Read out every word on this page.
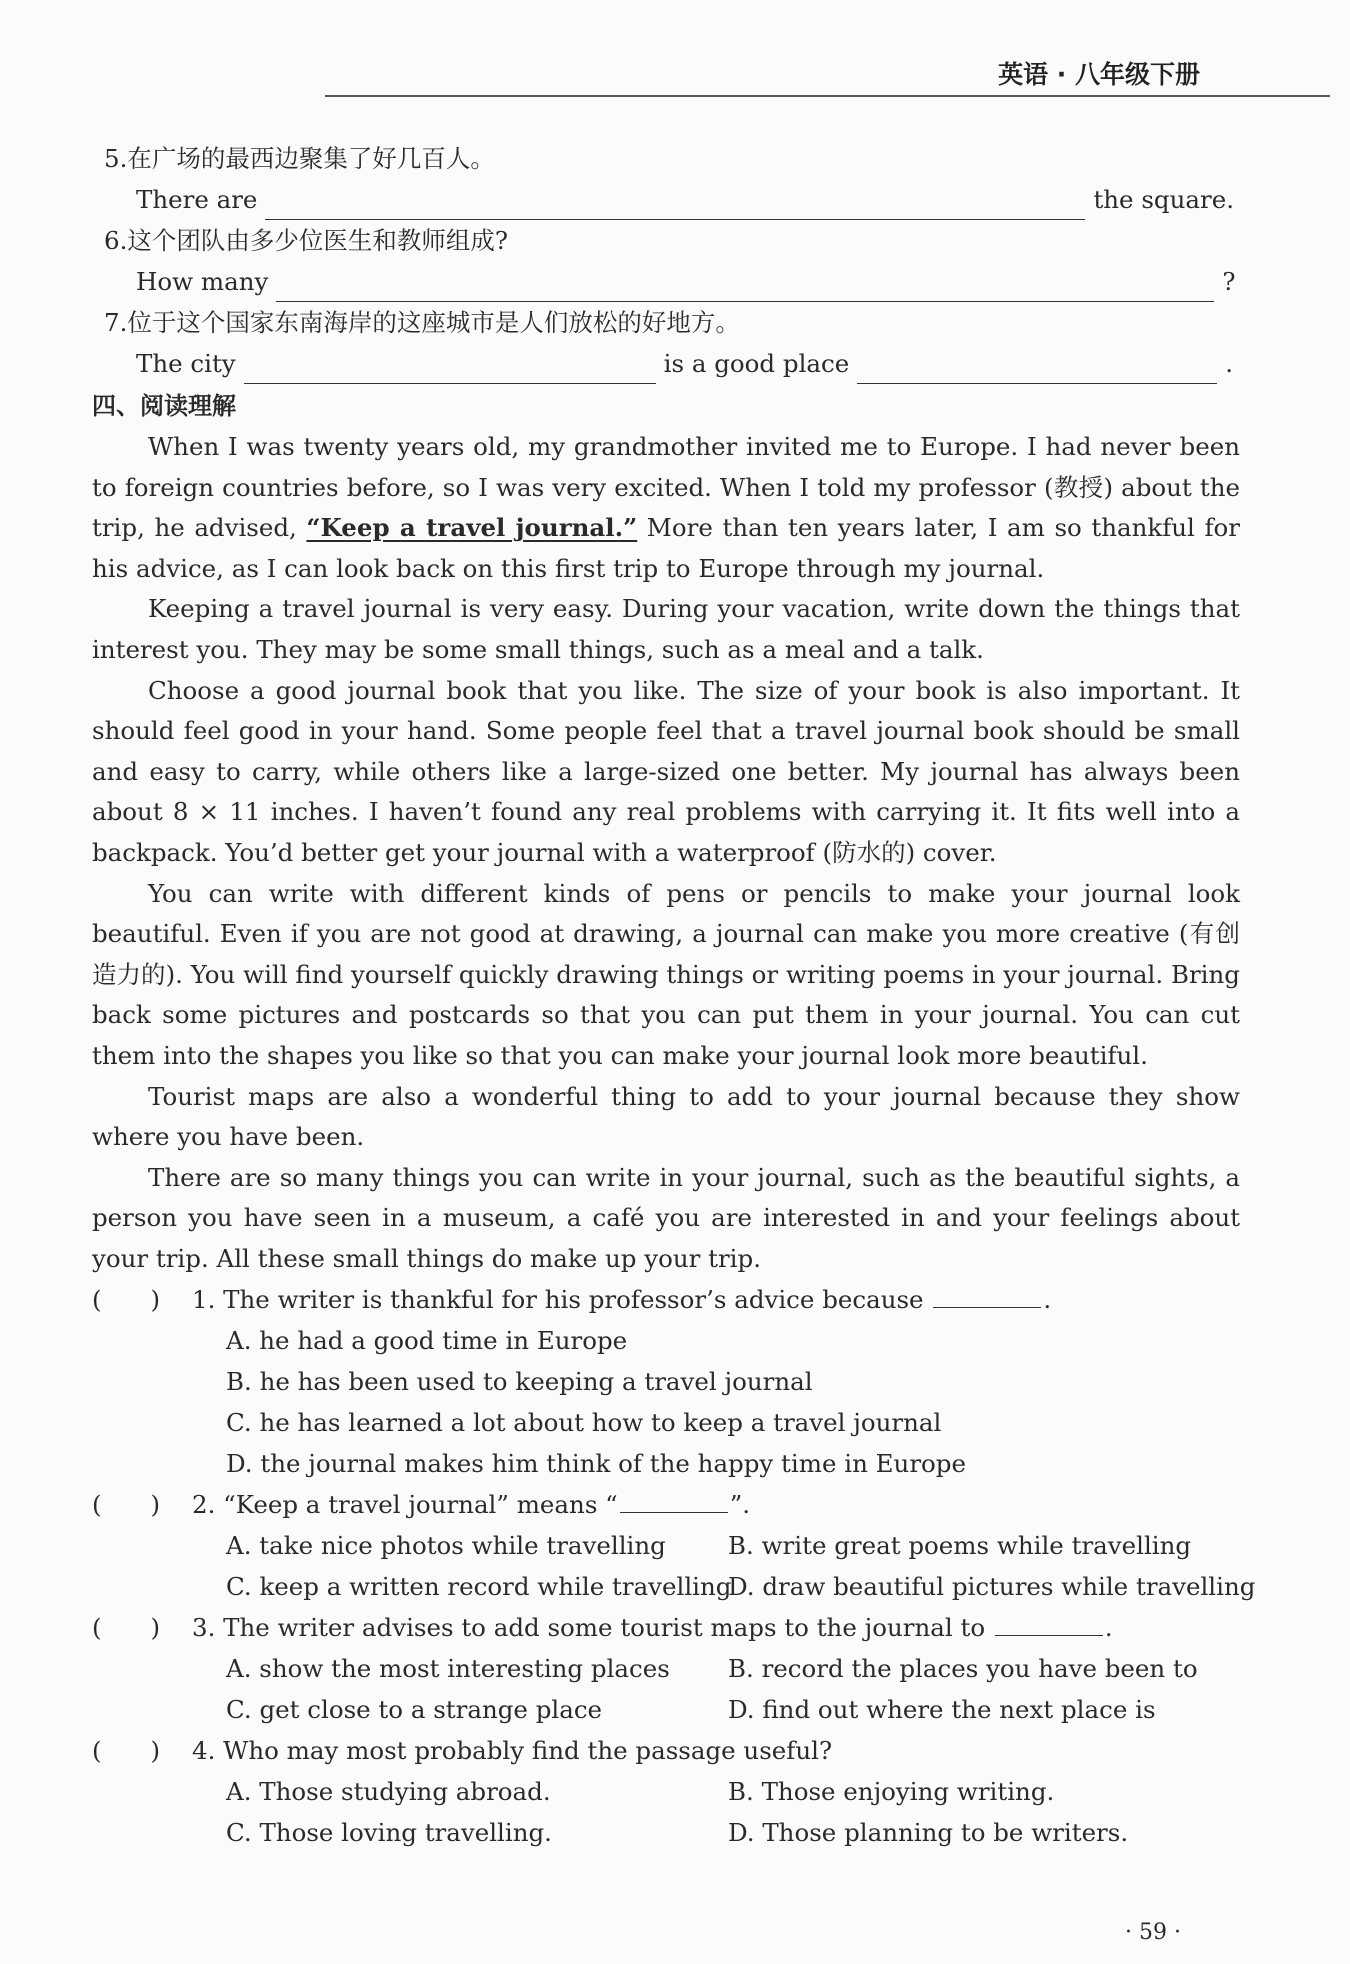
英语 · 八年级下册
5.在广场的最西边聚集了好几百人。
There are	the square.
6.这个团队由多少位医生和教师组成?
How many	?
7.位于这个国家东南海岸的这座城市是人们放松的好地方。
The city	is a good place	.
四、阅读理解

When I was twenty years old, my grandmother invited me to Europe. I had never been to foreign countries before, so I was very excited. When I told my professor (教授) about the trip, he advised, “Keep a travel journal.” More than ten years later, I am so thankful for his advice, as I can look back on this first trip to Europe through my journal.

Keeping a travel journal is very easy. During your vacation, write down the things that interest you. They may be some small things, such as a meal and a talk.

Choose a good journal book that you like. The size of your book is also important. It should feel good in your hand. Some people feel that a travel journal book should be small and easy to carry, while others like a large-sized one better. My journal has always been about 8 × 11 inches. I haven’t found any real problems with carrying it. It fits well into a backpack. You’d better get your journal with a waterproof (防水的) cover.

You can write with different kinds of pens or pencils to make your journal look beautiful. Even if you are not good at drawing, a journal can make you more creative (有创造力的). You will find yourself quickly drawing things or writing poems in your journal. Bring back some pictures and postcards so that you can put them in your journal. You can cut them into the shapes you like so that you can make your journal look more beautiful.

Tourist maps are also a wonderful thing to add to your journal because they show where you have been.

There are so many things you can write in your journal, such as the beautiful sights, a person you have seen in a museum, a café you are interested in and your feelings about your trip. All these small things do make up your trip.

(　　) 1. The writer is thankful for his professor’s advice because	.
A. he had a good time in Europe
B. he has been used to keeping a travel journal
C. he has learned a lot about how to keep a travel journal
D. the journal makes him think of the happy time in Europe
(　　) 2. “Keep a travel journal” means “	”.
A. take nice photos while travelling	B. write great poems while travelling
C. keep a written record while travelling
D. draw beautiful pictures while travelling
(　　) 3. The writer advises to add some tourist maps to the journal to	.
A. show the most interesting places	B. record the places you have been to
C. get close to a strange place	D. find out where the next place is
(　　) 4. Who may most probably find the passage useful?
A. Those studying abroad.	B. Those enjoying writing.
C. Those loving travelling.	D. Those planning to be writers.
· 59 ·
